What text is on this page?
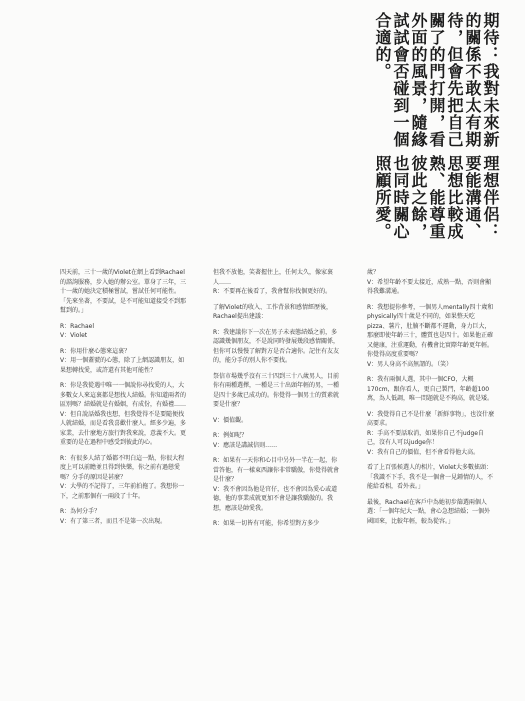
期待：我對未來新的關係不敢太有期待，但會先把自己關了的門打開，看外面的風景，隨緣試試會否碰到一個合適的。
理想伴侶：要能溝通、思想比較成熟、能尊重彼此之餘，也同時關心照顧所愛。

四天前，三十一歲的Violet在網上看到Rachael的諮詢服務，步入她的辦公室。單身了三年，三十一歲的她決定積極嘗試，嘗試任何可能性。「先來坐著，不要試，是不可能知道接受不到那幫到的。」

R：Rachael

V：Violet

R：你用什麼心態來這裏？

V：用一個蓋號的心態，除了上網認識朋友，如果想轉找愛，或許還有其他可能性？

R：你是我從遇中唯一一個說你尋找愛的人，大多數女人來這裏都是想找人結婚。你知道兩者的區別嗎？結婚就是有婚姻，有成份，有婚禮……

V：但自說話婚我也想，但我覺得不是要隨便找人就結婚，而是看我喜歡什麼人。經多少遍，多家業，去什麼地方旅行對我來說，意義不大。更重要的是在過程中感受到彼此的心。

R：有很多人結了婚都不明白這一點，你很大程度上可以前瞻並且得到快樂，你之前有過戀愛嗎？分手的原因是甚麼？

V：大學的不記得了，三年前拍拖了。我想你一下，之前那個有一兩段了十年。

R：為何分手？

V：有了第三者，而且不是第一次出現。

但我不放他，笑著握住上，任何太久，像家裏人……

R：不要再在後看了，我會幫你找個更好的。

了解Violet的收入、工作背景和感情經歷後，Rachael提出建議：

R：我建議你下一次在男子未表態結婚之前，多認識幾個朋友，不是說同時發展幾段感情關係，但你可以慢慢了解對方是否合適你。記住有友友的，能分手的別人你不要找。

祭信市場幾乎沒有三十四到三十八歲男人，目前你有兩種選擇，一種是三十出頭年輕的男，一種是四十多歲已成功的。你覺得一個男士的質素就要是什麼？

V：價值觀。

R：例如呢？

V：應該是講誠信則……

R：如果有一天你和心目中另外一半在一起，你當答他，有一樣東西讓你非常驕傲，你覺得就會是什麼？

V：我不會因為他是官仔，也不會因為愛心或道德，他的事業成就更加不會是讓我驕傲的。我想，應該是帥愛我。

R：如果一切皆有可能，你希望對方多少

歲？

V：希望年齡不要太接近，成熟一點，否則會顯得我難溝通。

R：我想提你參考，一個男人mentally四十歲和physically四十歲是不同的，如果整天吃pizza、薯片，肚腩不斷都不運動，身力巨大，那麼即使年齡三十，體質也是四十。如果他正確又健康，注重運動，有機會比實際年齡更年輕。你覺得高度重要嗎？

V：男人身高不高無謂的。（笑）

R：我有兩個人選，其中一個CFO，大概170cm，跟你看人，更自己製門，年齡超100萬，為人低調，唯一問題就是不夠高，就是矮。

V：我覺得自己不是什麼「新鮮事物」，也沒什麼高要求。

R：手高不要話取消，如果你自己不judge自己，沒有人可以judge你！

V：我有自己的價值，但不會看得他大高。

看了上百張候選人的相片，Violet大多數搖頭：「我識不下手，我不是一個會一見鍾情的人，不能給看相，看外表。」

最後，Rachael在客戶中為她初步篩選兩個人選：「一個年紀大一點，會心急想結婚；一個外國回來，比較年輕，較為從容。」
